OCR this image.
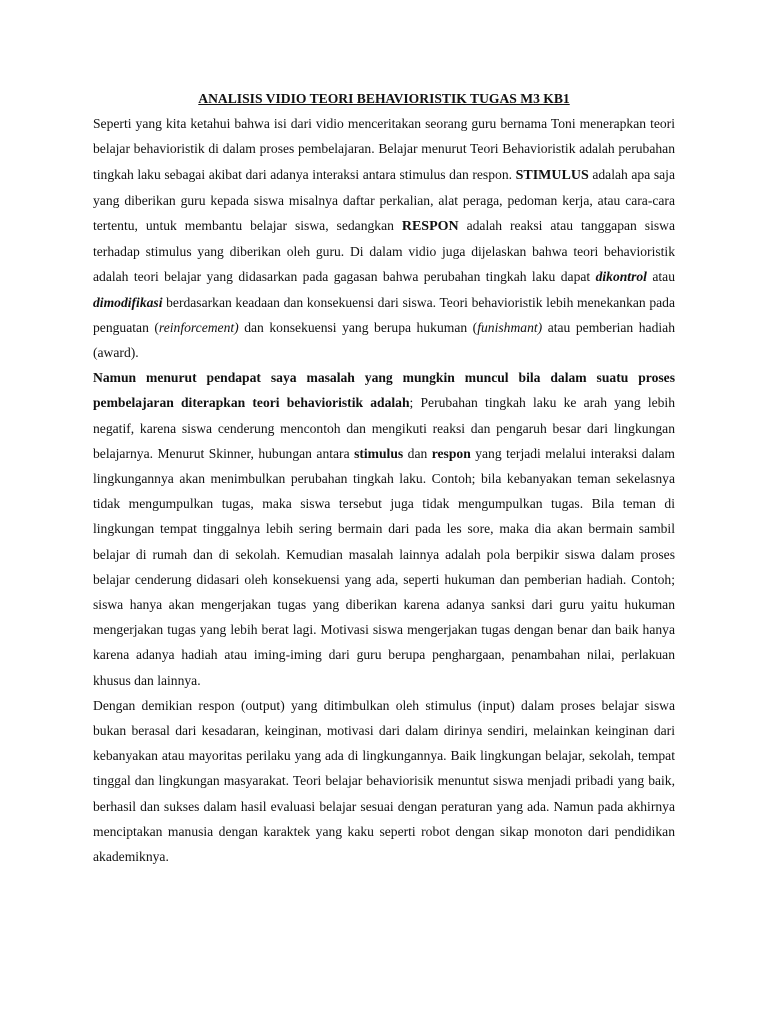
ANALISIS VIDIO TEORI BEHAVIORISTIK TUGAS M3 KB1

Seperti yang kita ketahui bahwa isi dari vidio menceritakan seorang guru bernama Toni menerapkan teori belajar behavioristik di dalam proses pembelajaran. Belajar menurut Teori Behavioristik adalah perubahan tingkah laku sebagai akibat dari adanya interaksi antara stimulus dan respon. STIMULUS adalah apa saja yang diberikan guru kepada siswa misalnya daftar perkalian, alat peraga, pedoman kerja, atau cara-cara tertentu, untuk membantu belajar siswa, sedangkan RESPON adalah reaksi atau tanggapan siswa terhadap stimulus yang diberikan oleh guru. Di dalam vidio juga dijelaskan bahwa teori behavioristik adalah teori belajar yang didasarkan pada gagasan bahwa perubahan tingkah laku dapat dikontrol atau dimodifikasi berdasarkan keadaan dan konsekuensi dari siswa. Teori behavioristik lebih menekankan pada penguatan (reinforcement) dan konsekuensi yang berupa hukuman (funishmant) atau pemberian hadiah (award).

Namun menurut pendapat saya masalah yang mungkin muncul bila dalam suatu proses pembelajaran diterapkan teori behavioristik adalah; Perubahan tingkah laku ke arah yang lebih negatif, karena siswa cenderung mencontoh dan mengikuti reaksi dan pengaruh besar dari lingkungan belajarnya. Menurut Skinner, hubungan antara stimulus dan respon yang terjadi melalui interaksi dalam lingkungannya akan menimbulkan perubahan tingkah laku. Contoh; bila kebanyakan teman sekelasnya tidak mengumpulkan tugas, maka siswa tersebut juga tidak mengumpulkan tugas. Bila teman di lingkungan tempat tinggalnya lebih sering bermain dari pada les sore, maka dia akan bermain sambil belajar di rumah dan di sekolah. Kemudian masalah lainnya adalah pola berpikir siswa dalam proses belajar cenderung didasari oleh konsekuensi yang ada, seperti hukuman dan pemberian hadiah. Contoh; siswa hanya akan mengerjakan tugas yang diberikan karena adanya sanksi dari guru yaitu hukuman mengerjakan tugas yang lebih berat lagi. Motivasi siswa mengerjakan tugas dengan benar dan baik hanya karena adanya hadiah atau iming-iming dari guru berupa penghargaan, penambahan nilai, perlakuan khusus dan lainnya.

Dengan demikian respon (output) yang ditimbulkan oleh stimulus (input) dalam proses belajar siswa bukan berasal dari kesadaran, keinginan, motivasi dari dalam dirinya sendiri, melainkan keinginan dari kebanyakan atau mayoritas perilaku yang ada di lingkungannya. Baik lingkungan belajar, sekolah, tempat tinggal dan lingkungan masyarakat. Teori belajar behaviorisik menuntut siswa menjadi pribadi yang baik, berhasil dan sukses dalam hasil evaluasi belajar sesuai dengan peraturan yang ada. Namun pada akhirnya menciptakan manusia dengan karaktek yang kaku seperti robot dengan sikap monoton dari pendidikan akademiknya.
